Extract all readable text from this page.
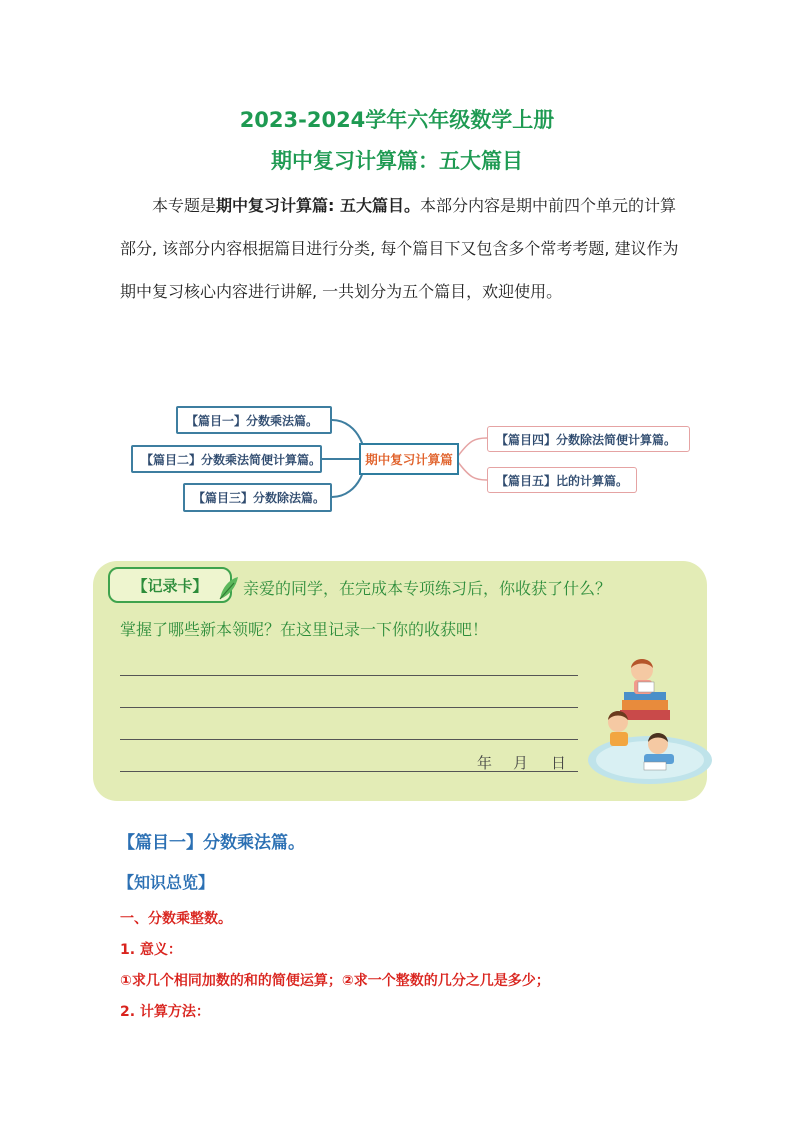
2023-2024学年六年级数学上册
期中复习计算篇：五大篇目
本专题是期中复习计算篇: 五大篇目。本部分内容是期中前四个单元的计算部分, 该部分内容根据篇目进行分类, 每个篇目下又包含多个常考考题, 建议作为期中复习核心内容进行讲解, 一共划分为五个篇目，欢迎使用。
【篇目一】分数乘法篇。
【篇目二】分数乘法简便计算篇。
【篇目三】分数除法篇。
期中复习计算篇
【篇目四】分数除法简便计算篇。
【篇目五】比的计算篇。
【记录卡】	亲爱的同学，在完成本专项练习后，你收获了什么？
掌握了哪些新本领呢？在这里记录一下你的收获吧！
年 月 日
【篇目一】分数乘法篇。
【知识总览】
一、分数乘整数。
1. 意义：
①求几个相同加数的和的简便运算；②求一个整数的几分之几是多少；
2. 计算方法：
